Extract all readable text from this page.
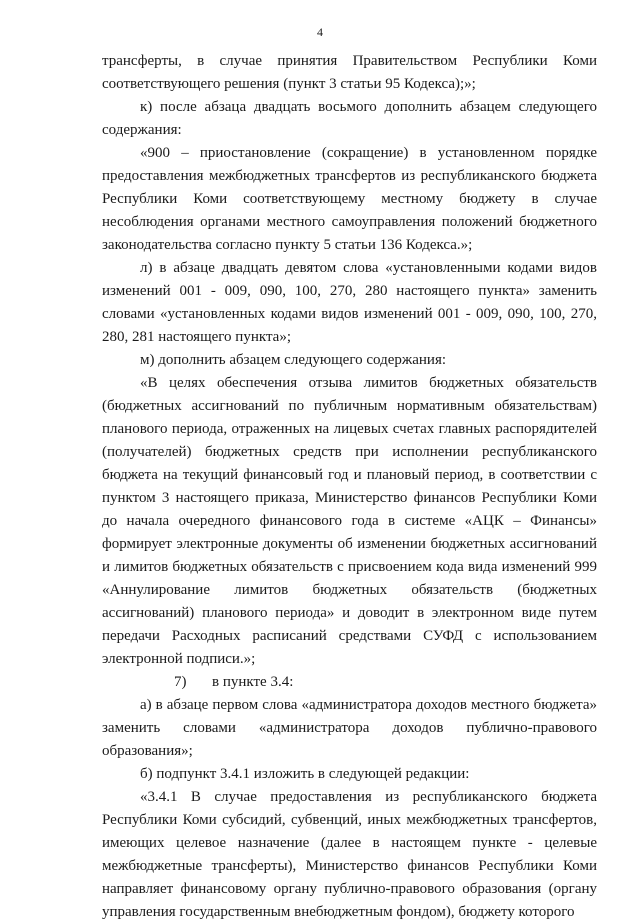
4

трансферты, в случае принятия Правительством Республики Коми соответствующего решения (пункт 3 статьи 95 Кодекса);»;

к) после абзаца двадцать восьмого дополнить абзацем следующего содержания:

«900 – приостановление (сокращение) в установленном порядке предоставления межбюджетных трансфертов из республиканского бюджета Республики Коми соответствующему местному бюджету в случае несоблюдения органами местного самоуправления положений бюджетного законодательства согласно пункту 5 статьи 136 Кодекса.»;

л) в абзаце двадцать девятом слова «установленными кодами видов изменений 001 - 009, 090, 100, 270, 280 настоящего пункта» заменить словами «установленных кодами видов изменений 001 - 009, 090, 100, 270, 280, 281 настоящего пункта»;

м) дополнить абзацем следующего содержания:

«В целях обеспечения отзыва лимитов бюджетных обязательств (бюджетных ассигнований по публичным нормативным обязательствам) планового периода, отраженных на лицевых счетах главных распорядителей (получателей) бюджетных средств при исполнении республиканского бюджета на текущий финансовый год и плановый период, в соответствии с пунктом 3 настоящего приказа, Министерство финансов Республики Коми до начала очередного финансового года в системе «АЦК – Финансы» формирует электронные документы об изменении бюджетных ассигнований и лимитов бюджетных обязательств с присвоением кода вида изменений 999 «Аннулирование лимитов бюджетных обязательств (бюджетных ассигнований) планового периода» и доводит в электронном виде путем передачи Расходных расписаний средствами СУФД с использованием электронной подписи.»;

7) в пункте 3.4:

а) в абзаце первом слова «администратора доходов местного бюджета» заменить словами «администратора доходов публично-правового образования»;

б) подпункт 3.4.1 изложить в следующей редакции:

«3.4.1 В случае предоставления из республиканского бюджета Республики Коми субсидий, субвенций, иных межбюджетных трансфертов, имеющих целевое назначение (далее в настоящем пункте - целевые межбюджетные трансферты), Министерство финансов Республики Коми направляет финансовому органу публично-правового образования (органу управления государственным внебюджетным фондом), бюджету которого
